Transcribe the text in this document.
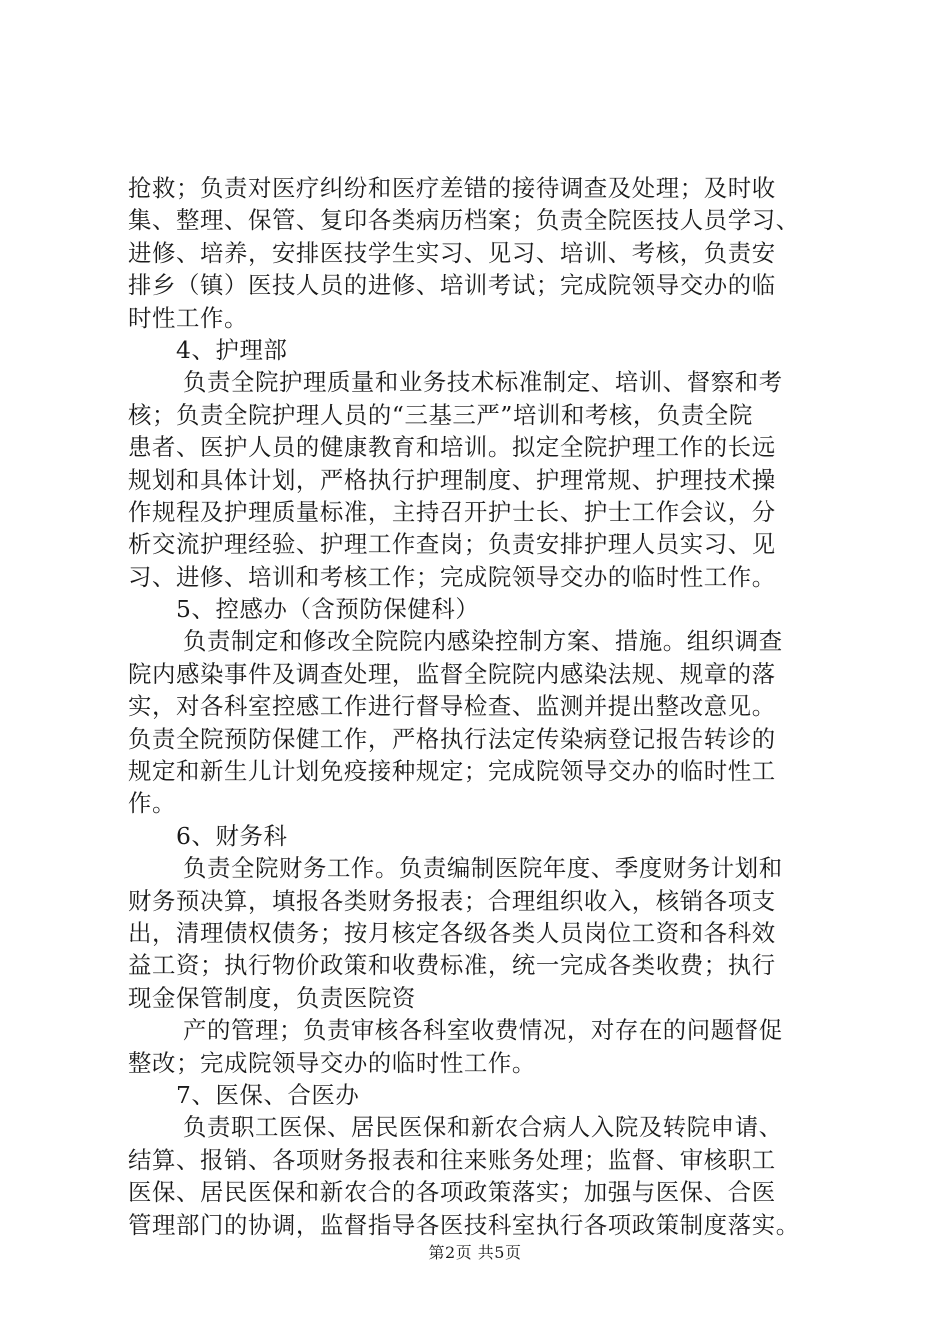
抢救；负责对医疗纠纷和医疗差错的接待调查及处理；及时收
集、整理、保管、复印各类病历档案；负责全院医技人员学习、
进修、培养，安排医技学生实习、见习、培训、考核，负责安
排乡（镇）医技人员的进修、培训考试；完成院领导交办的临
时性工作。
4、护理部
负责全院护理质量和业务技术标准制定、培训、督察和考
核；负责全院护理人员的“三基三严”培训和考核，负责全院
患者、医护人员的健康教育和培训。拟定全院护理工作的长远
规划和具体计划，严格执行护理制度、护理常规、护理技术操
作规程及护理质量标准，主持召开护士长、护士工作会议，分
析交流护理经验、护理工作查岗；负责安排护理人员实习、见
习、进修、培训和考核工作；完成院领导交办的临时性工作。
5、控感办（含预防保健科）
负责制定和修改全院院内感染控制方案、措施。组织调查
院内感染事件及调查处理，监督全院院内感染法规、规章的落
实，对各科室控感工作进行督导检查、监测并提出整改意见。
负责全院预防保健工作，严格执行法定传染病登记报告转诊的
规定和新生儿计划免疫接种规定；完成院领导交办的临时性工
作。
6、财务科
负责全院财务工作。负责编制医院年度、季度财务计划和
财务预决算，填报各类财务报表；合理组织收入，核销各项支
出，清理债权债务；按月核定各级各类人员岗位工资和各科效
益工资；执行物价政策和收费标准，统一完成各类收费；执行
现金保管制度，负责医院资
产的管理；负责审核各科室收费情况，对存在的问题督促
整改；完成院领导交办的临时性工作。
7、医保、合医办
负责职工医保、居民医保和新农合病人入院及转院申请、
结算、报销、各项财务报表和往来账务处理；监督、审核职工
医保、居民医保和新农合的各项政策落实；加强与医保、合医
管理部门的协调，监督指导各医技科室执行各项政策制度落实。
第2页 共5页
